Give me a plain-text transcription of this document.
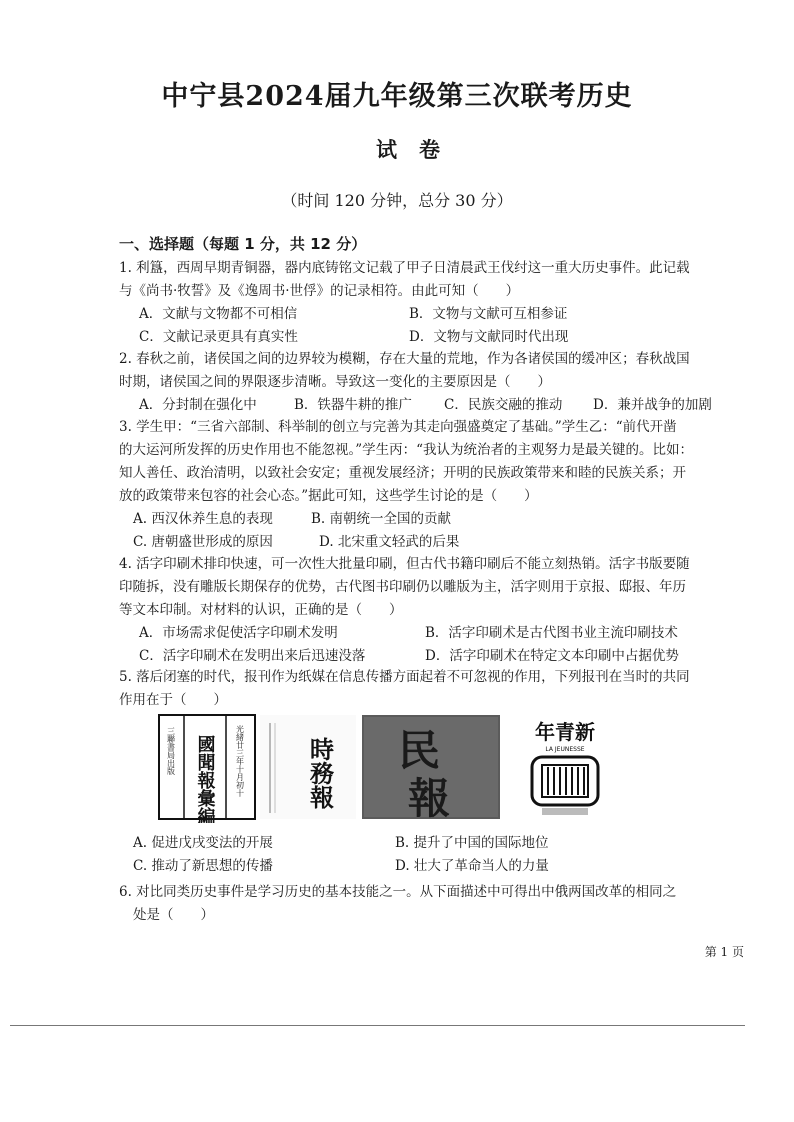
中宁县2024届九年级第三次联考历史
试卷
（时间 120 分钟，总分 30 分）
一、选择题（每题 1 分，共 12 分）
1. 利簋，西周早期青铜器，器内底铸铭文记载了甲子日清晨武王伐纣这一重大历史事件。此记载
与《尚书·牧誓》及《逸周书·世俘》的记录相符。由此可知（　　）
A．文献与文物都不可相信	B．文物与文献可互相参证
C．文献记录更具有真实性	D．文物与文献同时代出现
2. 春秋之前，诸侯国之间的边界较为模糊，存在大量的荒地，作为各诸侯国的缓冲区；春秋战国
时期，诸侯国之间的界限逐步清晰。导致这一变化的主要原因是（　　）
A．分封制在强化中	B．铁器牛耕的推广 C．民族交融的推动 D．兼并战争的加剧
3. 学生甲：“三省六部制、科举制的创立与完善为其走向强盛奠定了基础。”学生乙：“前代开凿
的大运河所发挥的历史作用也不能忽视。”学生丙：“我认为统治者的主观努力是最关键的。比如：
知人善任、政治清明，以致社会安定；重视发展经济；开明的民族政策带来和睦的民族关系；开
放的政策带来包容的社会心态。”据此可知，这些学生讨论的是（　　）
A. 西汉休养生息的表现	B. 南朝统一全国的贡献
C. 唐朝盛世形成的原因	D. 北宋重文轻武的后果
4. 活字印刷术排印快速，可一次性大批量印刷，但古代书籍印刷后不能立刻热销。活字书版要随
印随拆，没有雕版长期保存的优势，古代图书印刷仍以雕版为主，活字则用于京报、邸报、年历
等文本印制。对材料的认识，正确的是（　　）
A．市场需求促使活字印刷术发明	B．活字印刷术是古代图书业主流印刷技术
C．活字印刷术在发明出来后迅速没落	D．活字印刷术在特定文本印刷中占据优势
5. 落后闭塞的时代，报刊作为纸媒在信息传播方面起着不可忽视的作用，下列报刊在当时的共同
作用在于（　　）
三聯書局出版 國聞報彙編	光緒廿三年十月初十	時務報 民
報
民報
新青年
LA JEUNESSE
A. 促进戊戌变法的开展	B. 提升了中国的国际地位
C. 推动了新思想的传播	D. 壮大了革命当人的力量
6. 对比同类历史事件是学习历史的基本技能之一。从下面描述中可得出中俄两国改革的相同之
处是（　　）
第 1 页
